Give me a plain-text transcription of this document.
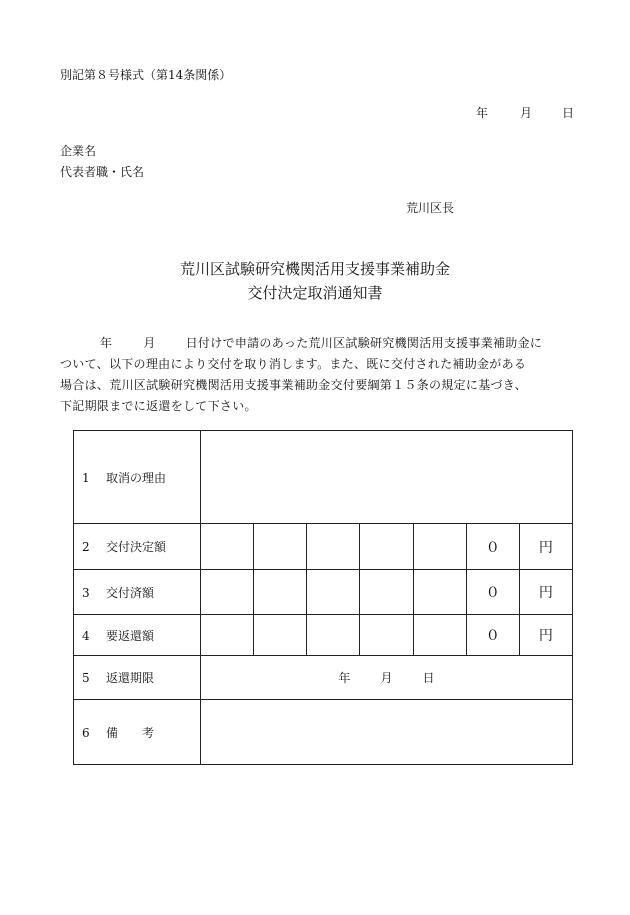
別記第８号様式（第14条関係）
年	月	日
企業名
代表者職・氏名
荒川区長
荒川区試験研究機関活用支援事業補助金
交付決定取消通知書
年	月	日付けで申請のあった荒川区試験研究機関活用支援事業補助金に
ついて、以下の理由により交付を取り消します。また、既に交付された補助金がある
場合は、荒川区試験研究機関活用支援事業補助金交付要綱第１５条の規定に基づき、
下記期限までに返還をして下さい。
1 取消の理由							
2 交付決定額						０	円
3 交付済額						０	円
4 要返還額						０	円
5 返還期限	年 月 日						
6 備　　考							
